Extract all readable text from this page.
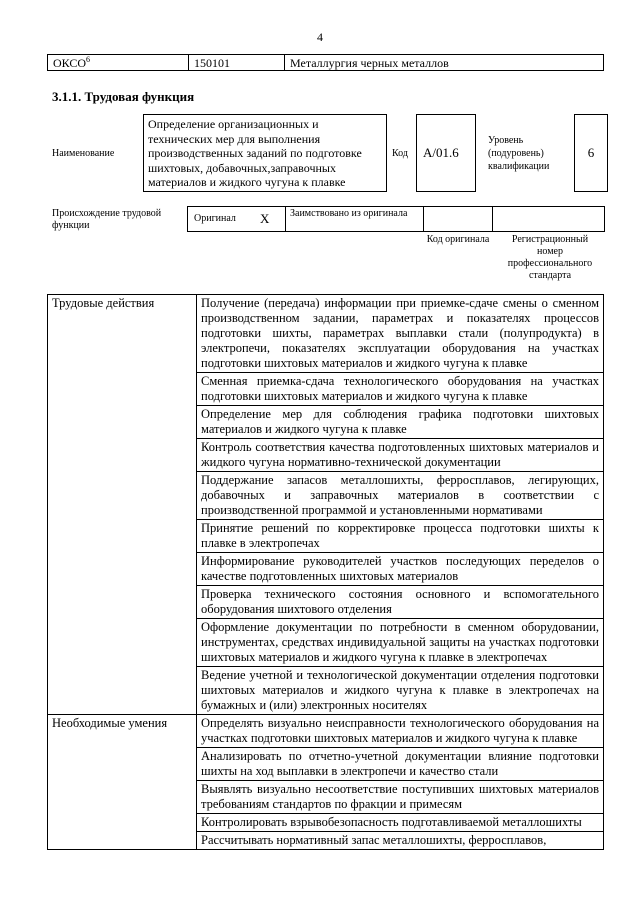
4
ОКСО$^6$	150101	Металлургия черных металлов
3.1.1. Трудовая функция
Наименование
Определение организационных и технических мер для выполнения производственных заданий по подготовке шихтовых, добавочных,заправочных материалов и жидкого чугуна к плавке
Код	A/01.6
Уровень (подуровень) квалификации
6
Происхождение трудовой функции
Оригинал X	Заимствовано из оригинала
Код оригинала	Регистрационный номер профессионального стандарта
Трудовые действия	Получение (передача) информации при приемке-сдаче смены о сменном производственном задании, параметрах и показателях процессов подготовки шихты, параметрах выплавки стали (полупродукта) в электропечи, показателях эксплуатации оборудования на участках подготовки шихтовых материалов и жидкого чугуна к плавке
	Сменная приемка-сдача технологического оборудования на участках подготовки шихтовых материалов и жидкого чугуна к плавке
	Определение мер для соблюдения графика подготовки шихтовых материалов и жидкого чугуна к плавке
	Контроль соответствия качества подготовленных шихтовых материалов и жидкого чугуна нормативно-технической документации
	Поддержание запасов металлошихты, ферросплавов, легирующих, добавочных и заправочных материалов в соответствии с производственной программой и установленными нормативами
	Принятие решений по корректировке процесса подготовки шихты к плавке в электропечах
	Информирование руководителей участков последующих переделов о качестве подготовленных шихтовых материалов
	Проверка технического состояния основного и вспомогательного оборудования шихтового отделения
	Оформление документации по потребности в сменном оборудовании, инструментах, средствах индивидуальной защиты на участках подготовки шихтовых материалов и жидкого чугуна к плавке в электропечах
	Ведение учетной и технологической документации отделения подготовки шихтовых материалов и жидкого чугуна к плавке в электропечах на бумажных и (или) электронных носителях
Необходимые умения	Определять визуально неисправности технологического оборудования на участках подготовки шихтовых материалов и жидкого чугуна к плавке
	Анализировать по отчетно-учетной документации влияние подготовки шихты на ход выплавки в электропечи и качество стали
	Выявлять визуально несоответствие поступивших шихтовых материалов требованиям стандартов по фракции и примесям
	Контролировать взрывобезопасность подготавливаемой металлошихты
	Рассчитывать нормативный запас металлошихты, ферросплавов,
